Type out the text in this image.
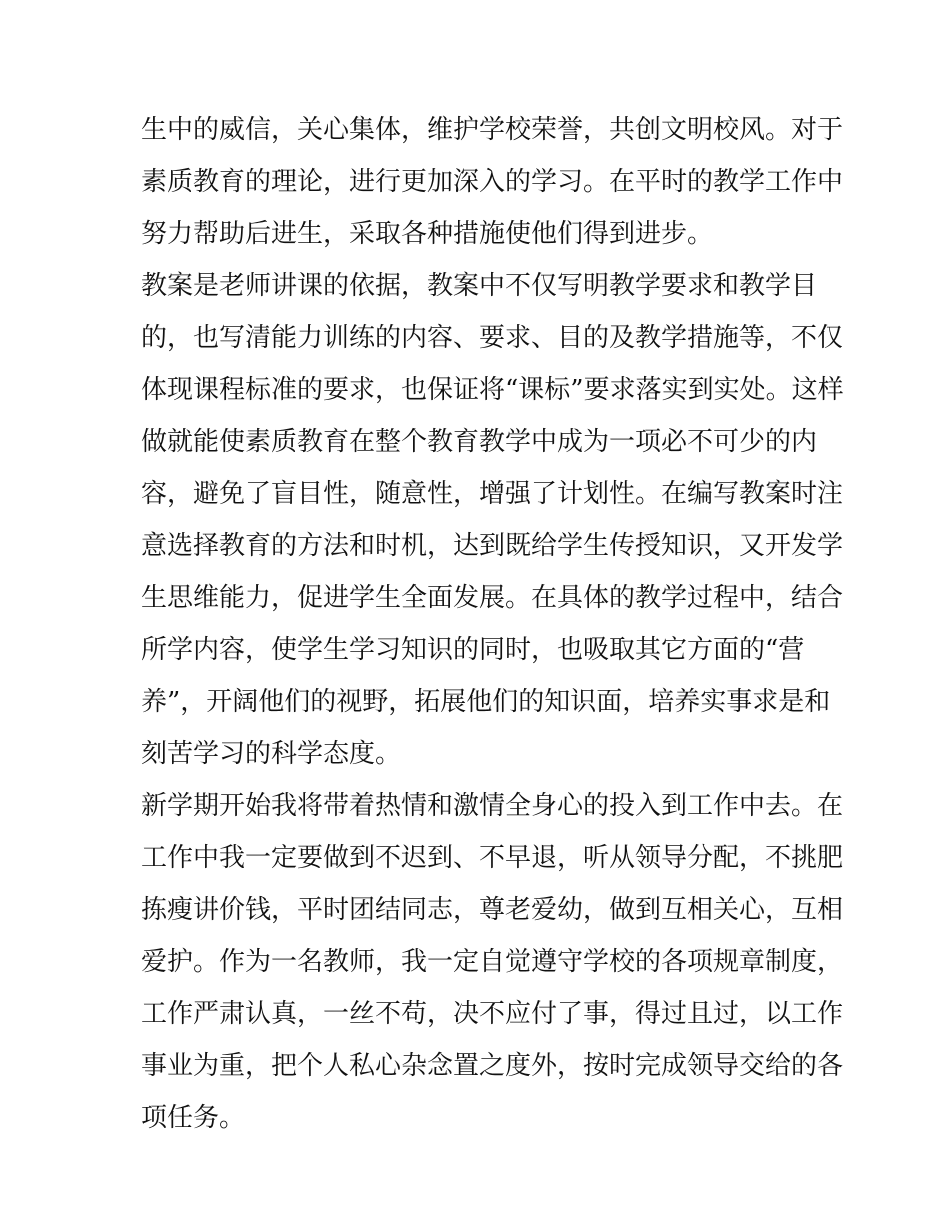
生中的威信，关心集体，维护学校荣誉，共创文明校风。对于
素质教育的理论，进行更加深入的学习。在平时的教学工作中
努力帮助后进生，采取各种措施使他们得到进步。
教案是老师讲课的依据，教案中不仅写明教学要求和教学目
的，也写清能力训练的内容、要求、目的及教学措施等，不仅
体现课程标准的要求，也保证将“课标”要求落实到实处。这样
做就能使素质教育在整个教育教学中成为一项必不可少的内
容，避免了盲目性，随意性，增强了计划性。在编写教案时注
意选择教育的方法和时机，达到既给学生传授知识，又开发学
生思维能力，促进学生全面发展。在具体的教学过程中，结合
所学内容，使学生学习知识的同时，也吸取其它方面的“营
养”，开阔他们的视野，拓展他们的知识面，培养实事求是和
刻苦学习的科学态度。
新学期开始我将带着热情和激情全身心的投入到工作中去。在
工作中我一定要做到不迟到、不早退，听从领导分配，不挑肥
拣瘦讲价钱，平时团结同志，尊老爱幼，做到互相关心，互相
爱护。作为一名教师，我一定自觉遵守学校的各项规章制度，
工作严肃认真，一丝不苟，决不应付了事，得过且过，以工作
事业为重，把个人私心杂念置之度外，按时完成领导交给的各
项任务。
